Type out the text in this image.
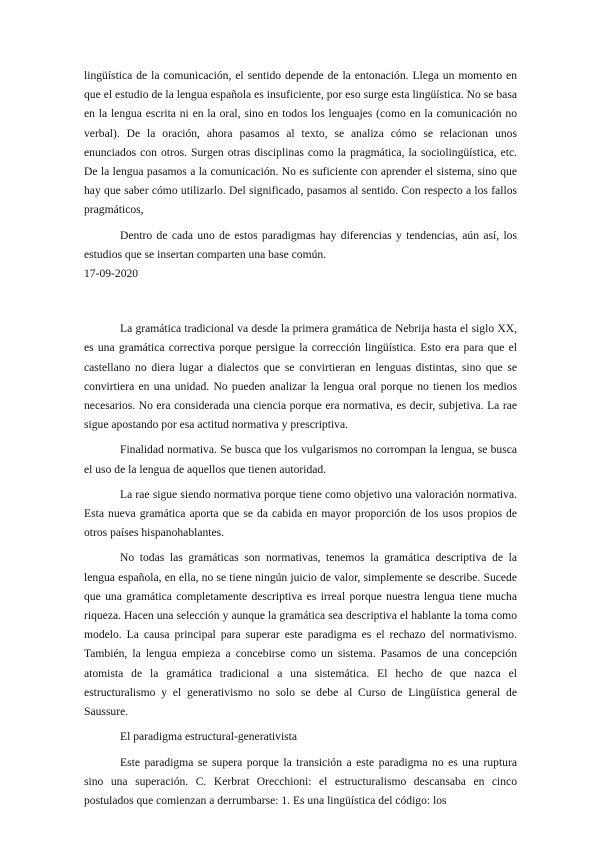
lingüística de la comunicación, el sentido depende de la entonación. Llega un momento en que el estudio de la lengua española es insuficiente, por eso surge esta lingüística. No se basa en la lengua escrita ni en la oral, sino en todos los lenguajes (como en la comunicación no verbal). De la oración, ahora pasamos al texto, se analiza cómo se relacionan unos enunciados con otros. Surgen otras disciplinas como la pragmática, la sociolingüística, etc. De la lengua pasamos a la comunicación. No es suficiente con aprender el sistema, sino que hay que saber cómo utilizarlo. Del significado, pasamos al sentido. Con respecto a los fallos pragmáticos,

Dentro de cada uno de estos paradigmas hay diferencias y tendencias, aún así, los estudios que se insertan comparten una base común.

17-09-2020

La gramática tradicional va desde la primera gramática de Nebrija hasta el siglo XX, es una gramática correctiva porque persigue la corrección lingüística. Esto era para que el castellano no diera lugar a dialectos que se convirtieran en lenguas distintas, sino que se convirtiera en una unidad. No pueden analizar la lengua oral porque no tienen los medios necesarios. No era considerada una ciencia porque era normativa, es decir, subjetiva. La rae sigue apostando por esa actitud normativa y prescriptiva.

Finalidad normativa. Se busca que los vulgarismos no corrompan la lengua, se busca el uso de la lengua de aquellos que tienen autoridad.

La rae sigue siendo normativa porque tiene como objetivo una valoración normativa. Esta nueva gramática aporta que se da cabida en mayor proporción de los usos propios de otros países hispanohablantes.

No todas las gramáticas son normativas, tenemos la gramática descriptiva de la lengua española, en ella, no se tiene ningún juicio de valor, simplemente se describe. Sucede que una gramática completamente descriptiva es irreal porque nuestra lengua tiene mucha riqueza. Hacen una selección y aunque la gramática sea descriptiva el hablante la toma como modelo. La causa principal para superar este paradigma es el rechazo del normativismo. También, la lengua empieza a concebirse como un sistema. Pasamos de una concepción atomista de la gramática tradicional a una sistemática. El hecho de que nazca el estructuralismo y el generativismo no solo se debe al Curso de Lingüística general de Saussure.

El paradigma estructural-generativista

Este paradigma se supera porque la transición a este paradigma no es una ruptura sino una superación. C. Kerbrat Orecchioni: el estructuralismo descansaba en cinco postulados que comienzan a derrumbarse: 1. Es una lingüística del código: los
